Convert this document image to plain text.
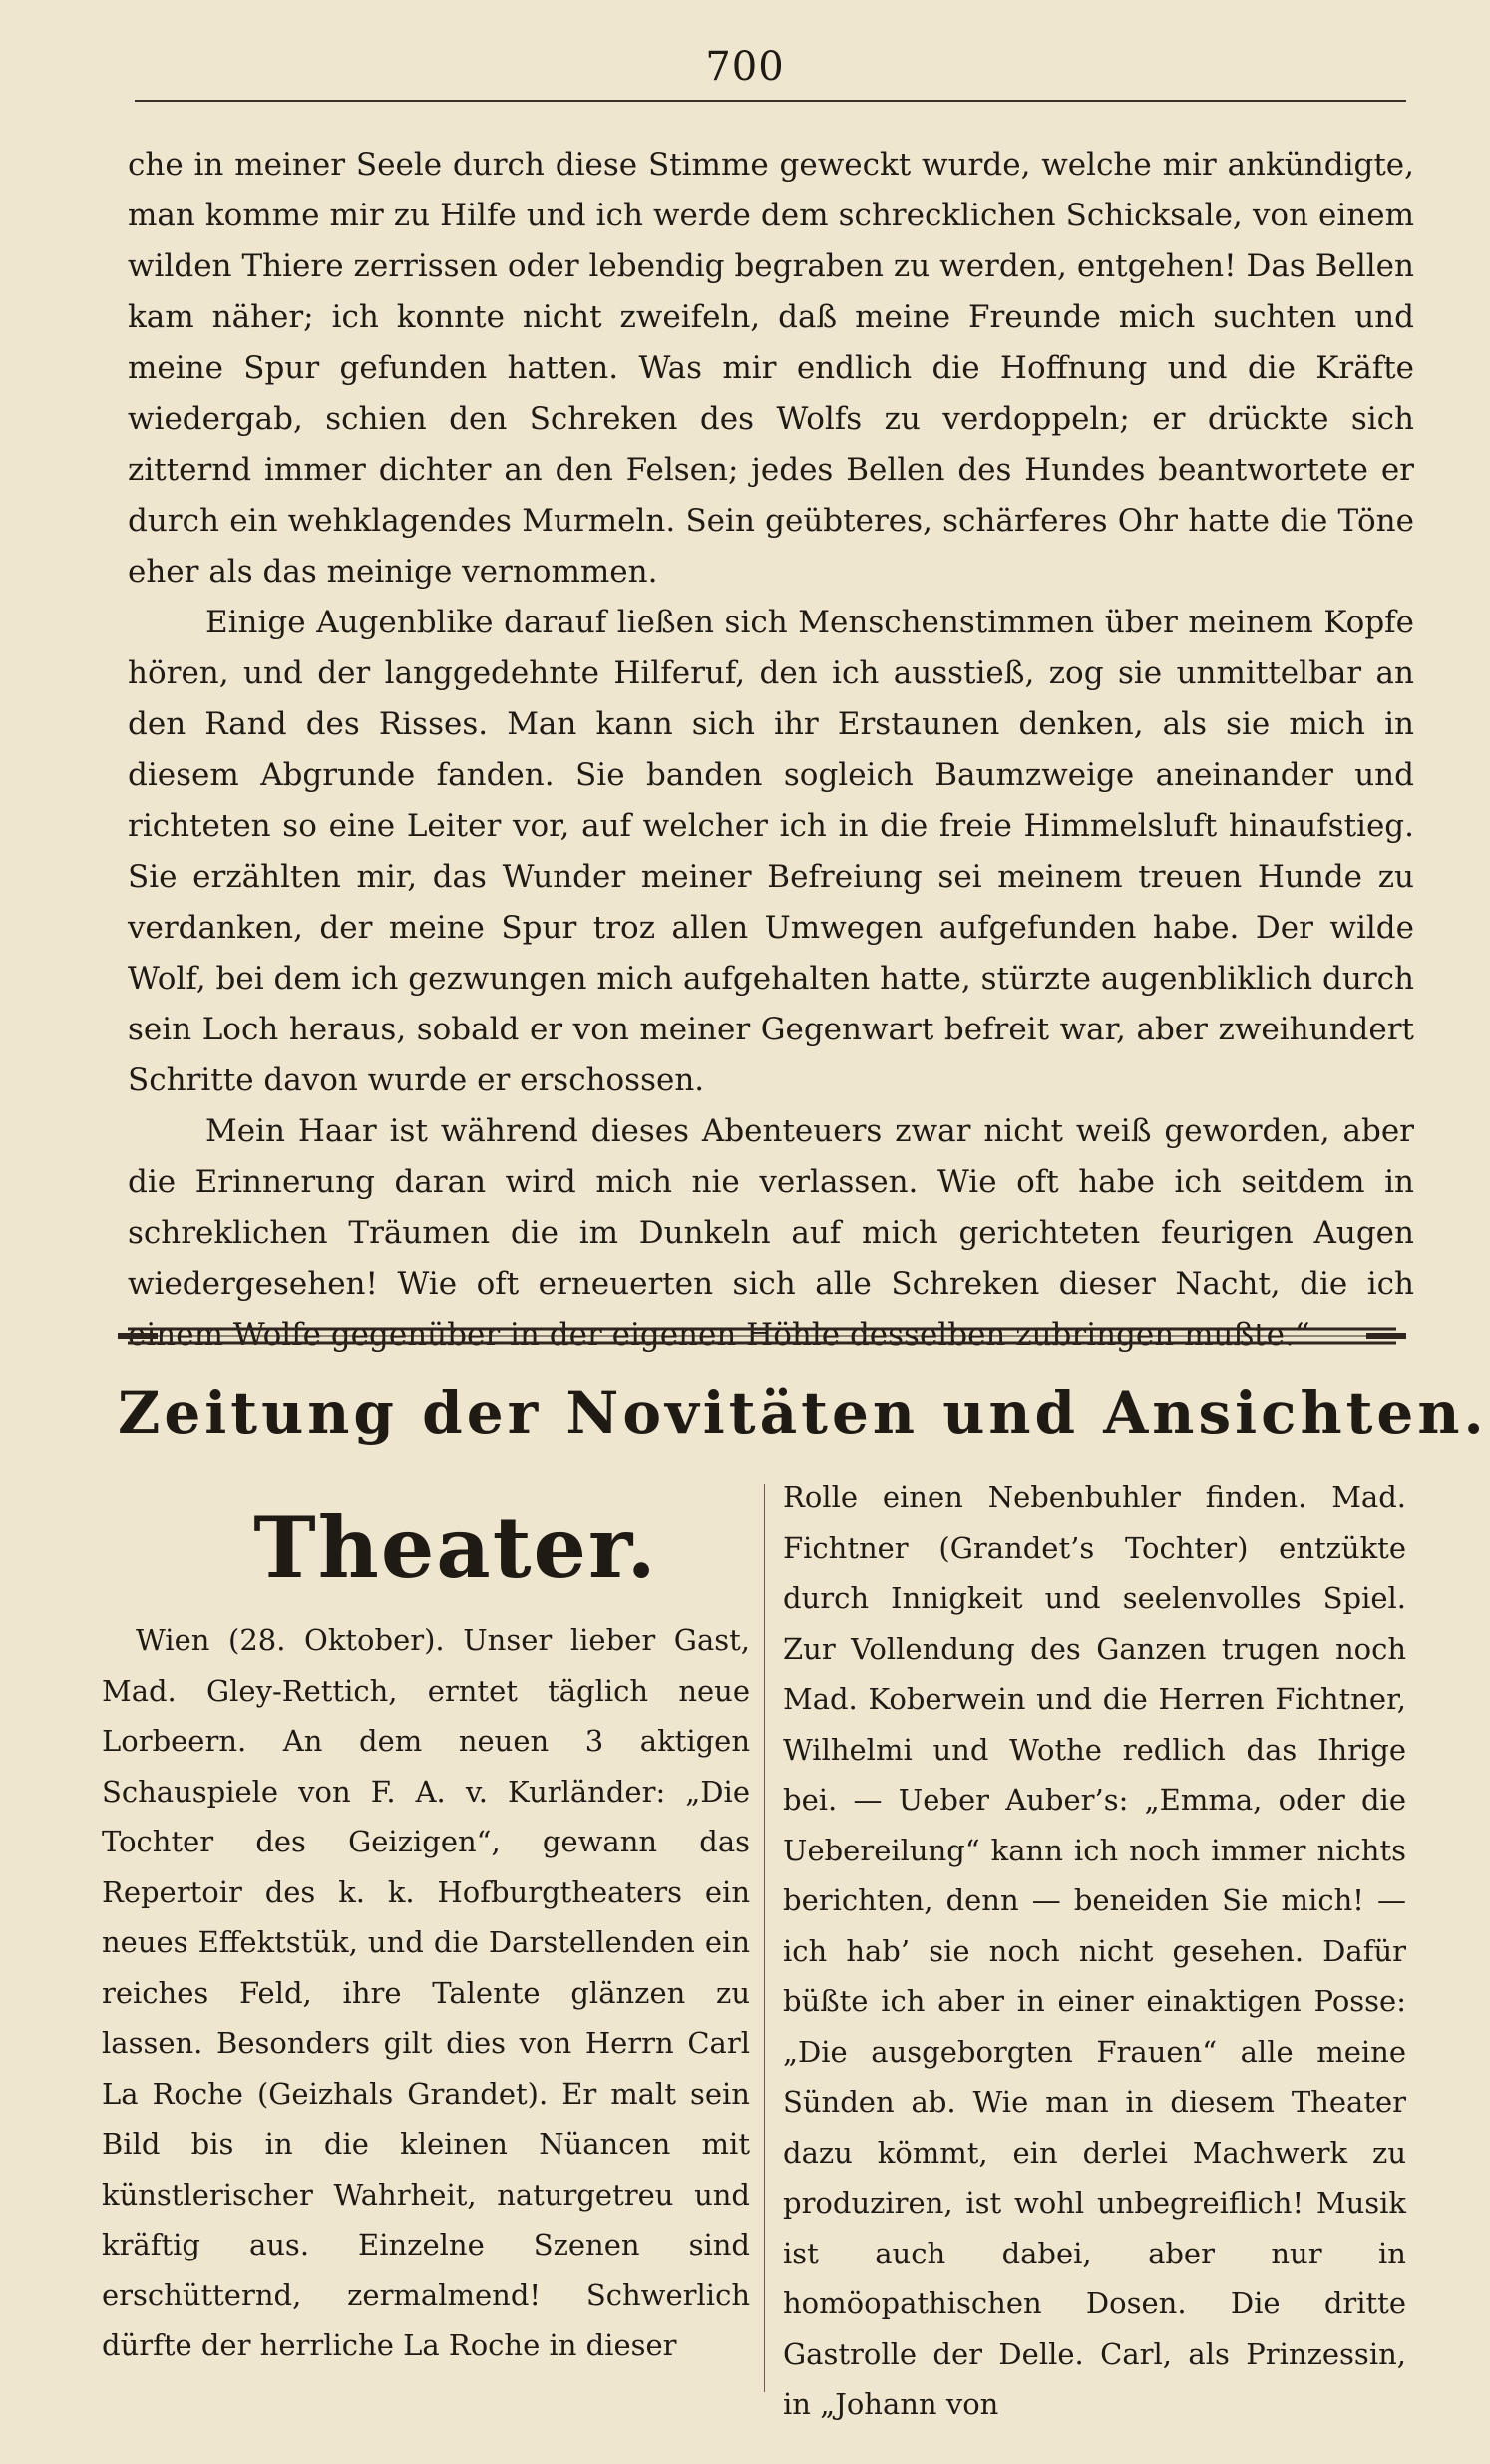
700

che in meiner Seele durch diese Stimme geweckt wurde, welche mir ankündigte, man komme mir zu Hilfe und ich werde dem schrecklichen Schicksale, von einem wilden Thiere zerrissen oder lebendig begraben zu werden, entgehen! Das Bellen kam näher; ich konnte nicht zweifeln, daß meine Freunde mich suchten und meine Spur gefunden hatten. Was mir endlich die Hoffnung und die Kräfte wiedergab, schien den Schreken des Wolfs zu verdoppeln; er drückte sich zitternd immer dichter an den Felsen; jedes Bellen des Hundes beantwortete er durch ein wehklagendes Murmeln. Sein geübteres, schärferes Ohr hatte die Töne eher als das meinige vernommen.

Einige Augenblike darauf ließen sich Menschenstimmen über meinem Kopfe hören, und der langgedehnte Hilferuf, den ich ausstieß, zog sie unmittelbar an den Rand des Risses. Man kann sich ihr Erstaunen denken, als sie mich in diesem Abgrunde fanden. Sie banden sogleich Baumzweige aneinander und richteten so eine Leiter vor, auf welcher ich in die freie Himmelsluft hinaufstieg. Sie erzählten mir, das Wunder meiner Befreiung sei meinem treuen Hunde zu verdanken, der meine Spur troz allen Umwegen aufgefunden habe. Der wilde Wolf, bei dem ich gezwungen mich aufgehalten hatte, stürzte augenbliklich durch sein Loch heraus, sobald er von meiner Gegenwart befreit war, aber zweihundert Schritte davon wurde er erschossen.

Mein Haar ist während dieses Abenteuers zwar nicht weiß geworden, aber die Erinnerung daran wird mich nie verlassen. Wie oft habe ich seitdem in schreklichen Träumen die im Dunkeln auf mich gerichteten feurigen Augen wiedergesehen! Wie oft erneuerten sich alle Schreken dieser Nacht, die ich einem Wolfe gegenüber in der eigenen Höhle desselben zubringen mußte.“

Zeitung der Novitäten und Ansichten.
Theater.

Wien (28. Oktober). Unser lieber Gast, Mad. Gley-Rettich, erntet täglich neue Lorbeern. An dem neuen 3 aktigen Schauspiele von F. A. v. Kurländer: „Die Tochter des Geizigen“, gewann das Repertoir des k. k. Hofburgtheaters ein neues Effektstük, und die Darstellenden ein reiches Feld, ihre Talente glänzen zu lassen. Besonders gilt dies von Herrn Carl La Roche (Geizhals Grandet). Er malt sein Bild bis in die kleinen Nüancen mit künstlerischer Wahrheit, naturgetreu und kräftig aus. Einzelne Szenen sind erschütternd, zermalmend! Schwerlich dürfte der herrliche La Roche in dieser

Rolle einen Nebenbuhler finden. Mad. Fichtner (Grandet’s Tochter) entzükte durch Innigkeit und seelenvolles Spiel. Zur Vollendung des Ganzen trugen noch Mad. Koberwein und die Herren Fichtner, Wilhelmi und Wothe redlich das Ihrige bei. — Ueber Auber’s: „Emma, oder die Uebereilung“ kann ich noch immer nichts berichten, denn — beneiden Sie mich! — ich hab’ sie noch nicht gesehen. Dafür büßte ich aber in einer einaktigen Posse: „Die ausgeborgten Frauen“ alle meine Sünden ab. Wie man in diesem Theater dazu kömmt, ein derlei Machwerk zu produziren, ist wohl unbegreiflich! Musik ist auch dabei, aber nur in homöopathischen Dosen. Die dritte Gastrolle der Delle. Carl, als Prinzessin, in „Johann von
